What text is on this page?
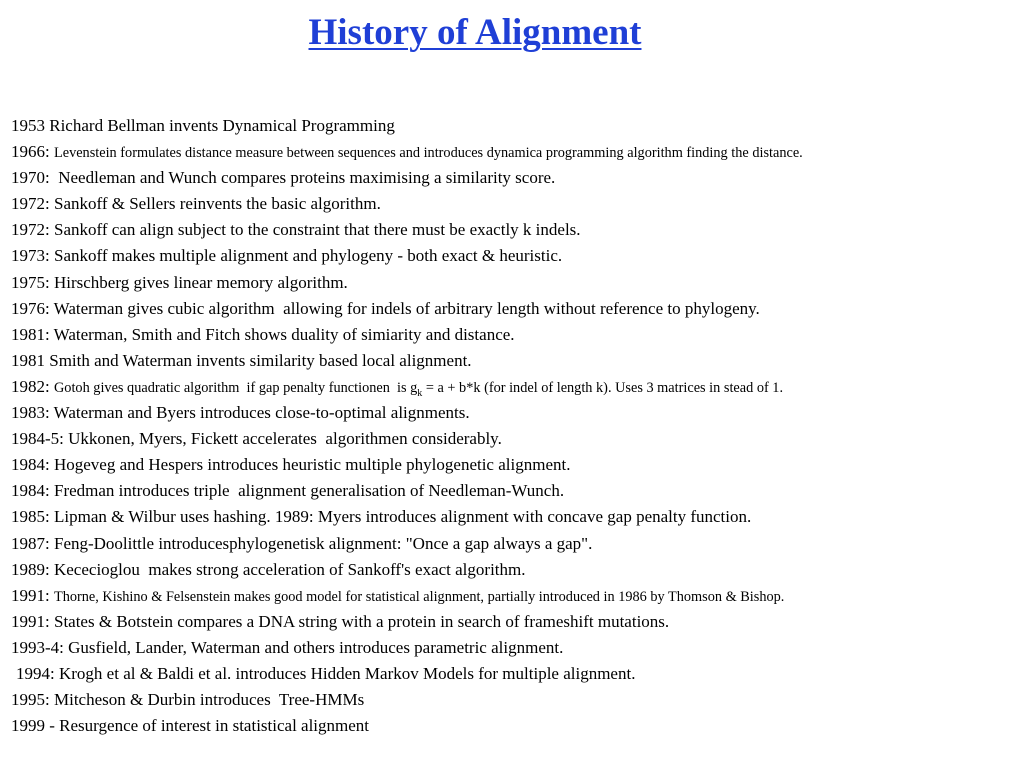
History of Alignment
1953 Richard Bellman invents Dynamical Programming
1966: Levenstein formulates distance measure between sequences and introduces dynamica programming algorithm finding the distance.
1970:  Needleman and Wunch compares proteins maximising a similarity score.
1972: Sankoff & Sellers reinvents the basic algorithm.
1972: Sankoff can align subject to the constraint that there must be exactly k indels.
1973: Sankoff makes multiple alignment and phylogeny - both exact & heuristic.
1975: Hirschberg gives linear memory algorithm.
1976: Waterman gives cubic algorithm  allowing for indels of arbitrary length without reference to phylogeny.
1981: Waterman, Smith and Fitch shows duality of simiarity and distance.
1981 Smith and Waterman invents similarity based local alignment.
1982: Gotoh gives quadratic algorithm  if gap penalty functionen  is $g_k = a + b*k$ (for indel of length k). Uses 3 matrices in stead of 1.
1983: Waterman and Byers introduces close-to-optimal alignments.
1984-5: Ukkonen, Myers, Fickett accelerates  algorithmen considerably.
1984: Hogeveg and Hespers introduces heuristic multiple phylogenetic alignment.
1984: Fredman introduces triple  alignment generalisation of Needleman-Wunch.
1985: Lipman & Wilbur uses hashing. 1989: Myers introduces alignment with concave gap penalty function.
1987: Feng-Doolittle introducesphylogenetisk alignment: "Once a gap always a gap".
1989: Kececioglou  makes strong acceleration of Sankoff's exact algorithm.
1991: Thorne, Kishino & Felsenstein makes good model for statistical alignment, partially introduced in 1986 by Thomson & Bishop.
1991: States & Botstein compares a DNA string with a protein in search of frameshift mutations.
1993-4: Gusfield, Lander, Waterman and others introduces parametric alignment.
1994: Krogh et al & Baldi et al. introduces Hidden Markov Models for multiple alignment.
1995: Mitcheson & Durbin introduces  Tree-HMMs
1999 - Resurgence of interest in statistical alignment
